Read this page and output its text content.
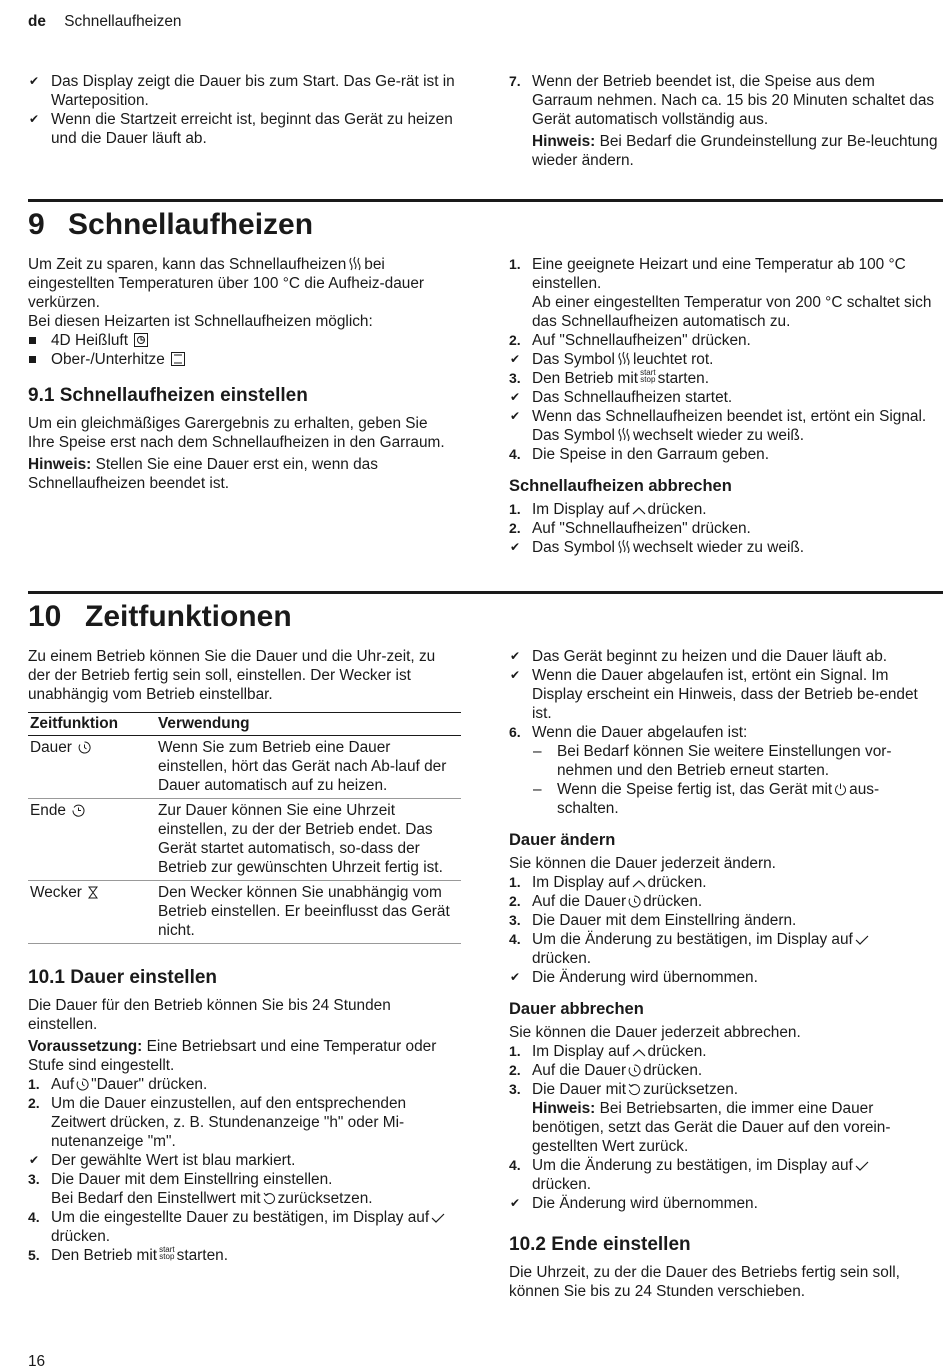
de Schnellaufheizen

✔ Das Display zeigt die Dauer bis zum Start. Das Ge-rät ist in Warteposition.

✔ Wenn die Startzeit erreicht ist, beginnt das Gerät zu heizen und die Dauer läuft ab.

7. Wenn der Betrieb beendet ist, die Speise aus dem Garraum nehmen. Nach ca. 15 bis 20 Minuten schaltet das Gerät automatisch vollständig aus.

Hinweis: Bei Bedarf die Grundeinstellung zur Be-leuchtung wieder ändern.

9 Schnellaufheizen

Um Zeit zu sparen, kann das Schnellaufheizen bei eingestellten Temperaturen über 100 °C die Aufheiz-dauer verkürzen.

Bei diesen Heizarten ist Schnellaufheizen möglich:

4D Heißluft

Ober-/Unterhitze

9.1 Schnellaufheizen einstellen

Um ein gleichmäßiges Garergebnis zu erhalten, geben Sie Ihre Speise erst nach dem Schnellaufheizen in den Garraum.

Hinweis: Stellen Sie eine Dauer erst ein, wenn das Schnellaufheizen beendet ist.

1. Eine geeignete Heizart und eine Temperatur ab 100 °C einstellen.
Ab einer eingestellten Temperatur von 200 °C schaltet sich das Schnellaufheizen automatisch zu.

2. Auf "Schnellaufheizen" drücken.

✔ Das Symbol leuchtet rot.

3. Den Betrieb mit start
stop starten.

✔ Das Schnellaufheizen startet.

✔ Wenn das Schnellaufheizen beendet ist, ertönt ein Signal. Das Symbol wechselt wieder zu weiß.

4. Die Speise in den Garraum geben.

Schnellaufheizen abbrechen

1. Im Display auf drücken.

2. Auf "Schnellaufheizen" drücken.

✔ Das Symbol wechselt wieder zu weiß.

10 Zeitfunktionen

Zu einem Betrieb können Sie die Dauer und die Uhr-zeit, zu der der Betrieb fertig sein soll, einstellen. Der Wecker ist unabhängig vom Betrieb einstellbar.

Zeitfunktion	Verwendung
Dauer	Wenn Sie zum Betrieb eine Dauer einstellen, hört das Gerät nach Ab-lauf der Dauer automatisch auf zu heizen.
Ende	Zur Dauer können Sie eine Uhrzeit einstellen, zu der der Betrieb endet. Das Gerät startet automatisch, so-dass der Betrieb zur gewünschten Uhrzeit fertig ist.
Wecker	Den Wecker können Sie unabhängig vom Betrieb einstellen. Er beeinflusst das Gerät nicht.
10.1 Dauer einstellen

Die Dauer für den Betrieb können Sie bis 24 Stunden einstellen.

Voraussetzung: Eine Betriebsart und eine Temperatur oder Stufe sind eingestellt.

1. Auf "Dauer" drücken.

2. Um die Dauer einzustellen, auf den entsprechenden Zeitwert drücken, z. B. Stundenanzeige "h" oder Mi-nutenanzeige "m".

✔ Der gewählte Wert ist blau markiert.

3. Die Dauer mit dem Einstellring einstellen.
Bei Bedarf den Einstellwert mit zurücksetzen.

4. Um die eingestellte Dauer zu bestätigen, im Display aufdrücken.

5. Den Betrieb mit start
stop starten.

✔ Das Gerät beginnt zu heizen und die Dauer läuft ab.

✔ Wenn die Dauer abgelaufen ist, ertönt ein Signal. Im Display erscheint ein Hinweis, dass der Betrieb be-endet ist.

6. Wenn die Dauer abgelaufen ist:

– Bei Bedarf können Sie weitere Einstellungen vor-nehmen und den Betrieb erneut starten.

– Wenn die Speise fertig ist, das Gerät mit aus-schalten.

Dauer ändern

Sie können die Dauer jederzeit ändern.

1. Im Display auf drücken.

2. Auf die Dauer drücken.

3. Die Dauer mit dem Einstellring ändern.

4. Um die Änderung zu bestätigen, im Display auf
drücken.

✔ Die Änderung wird übernommen.

Dauer abbrechen

Sie können die Dauer jederzeit abbrechen.

1. Im Display auf drücken.

2. Auf die Dauer drücken.

3. Die Dauer mit zurücksetzen.

Hinweis: Bei Betriebsarten, die immer eine Dauer benötigen, setzt das Gerät die Dauer auf den vorein-gestellten Wert zurück.

4. Um die Änderung zu bestätigen, im Display auf
drücken.

✔ Die Änderung wird übernommen.

10.2 Ende einstellen

Die Uhrzeit, zu der die Dauer des Betriebs fertig sein soll, können Sie bis zu 24 Stunden verschieben.

16
